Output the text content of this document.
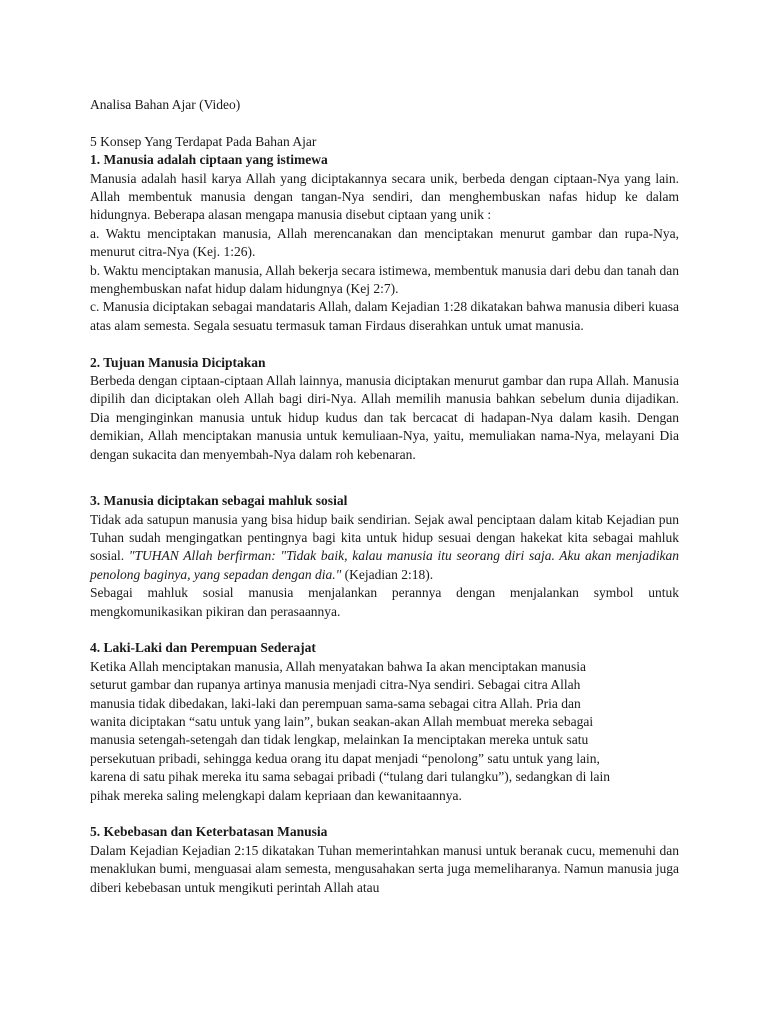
Analisa Bahan Ajar (Video)

5 Konsep Yang Terdapat Pada Bahan Ajar

1. Manusia adalah ciptaan yang istimewa

Manusia adalah hasil karya Allah yang diciptakannya secara unik, berbeda dengan ciptaan-Nya yang lain. Allah membentuk manusia dengan tangan-Nya sendiri, dan menghembuskan nafas hidup ke dalam hidungnya. Beberapa alasan mengapa manusia disebut ciptaan yang unik :

a. Waktu menciptakan manusia, Allah merencanakan dan menciptakan menurut gambar dan rupa-Nya, menurut citra-Nya (Kej. 1:26).

b. Waktu menciptakan manusia, Allah bekerja secara istimewa, membentuk manusia dari debu dan tanah dan menghembuskan nafat hidup dalam hidungnya (Kej 2:7).

c. Manusia diciptakan sebagai mandataris Allah, dalam Kejadian 1:28 dikatakan bahwa manusia diberi kuasa atas alam semesta. Segala sesuatu termasuk taman Firdaus diserahkan untuk umat manusia.

2. Tujuan Manusia Diciptakan

Berbeda dengan ciptaan-ciptaan Allah lainnya, manusia diciptakan menurut gambar dan rupa Allah. Manusia dipilih dan diciptakan oleh Allah bagi diri-Nya. Allah memilih manusia bahkan sebelum dunia dijadikan. Dia menginginkan manusia untuk hidup kudus dan tak bercacat di hadapan-Nya dalam kasih. Dengan demikian, Allah menciptakan manusia untuk kemuliaan-Nya, yaitu, memuliakan nama-Nya, melayani Dia dengan sukacita dan menyembah-Nya dalam roh kebenaran.

3. Manusia diciptakan sebagai mahluk sosial

Tidak ada satupun manusia yang bisa hidup baik sendirian. Sejak awal penciptaan dalam kitab Kejadian pun Tuhan sudah mengingatkan pentingnya bagi kita untuk hidup sesuai dengan hakekat kita sebagai mahluk sosial. "TUHAN Allah berfirman: "Tidak baik, kalau manusia itu seorang diri saja. Aku akan menjadikan penolong baginya, yang sepadan dengan dia." (Kejadian 2:18).

Sebagai mahluk sosial manusia menjalankan perannya dengan menjalankan symbol untuk mengkomunikasikan pikiran dan perasaannya.

4. Laki-Laki dan Perempuan Sederajat

Ketika Allah menciptakan manusia, Allah menyatakan bahwa Ia akan menciptakan manusia

seturut gambar dan rupanya artinya manusia menjadi citra-Nya sendiri. Sebagai citra Allah

manusia tidak dibedakan, laki-laki dan perempuan sama-sama sebagai citra Allah. Pria dan

wanita diciptakan “satu untuk yang lain”, bukan seakan-akan Allah membuat mereka sebagai

manusia setengah-setengah dan tidak lengkap, melainkan Ia menciptakan mereka untuk satu

persekutuan pribadi, sehingga kedua orang itu dapat menjadi “penolong” satu untuk yang lain,

karena di satu pihak mereka itu sama sebagai pribadi (“tulang dari tulangku”), sedangkan di lain

pihak mereka saling melengkapi dalam kepriaan dan kewanitaannya.

5. Kebebasan dan Keterbatasan Manusia

Dalam Kejadian Kejadian 2:15 dikatakan Tuhan memerintahkan manusi untuk beranak cucu, memenuhi dan menaklukan bumi, menguasai alam semesta, mengusahakan serta juga memeliharanya. Namun manusia juga diberi kebebasan untuk mengikuti perintah Allah atau
